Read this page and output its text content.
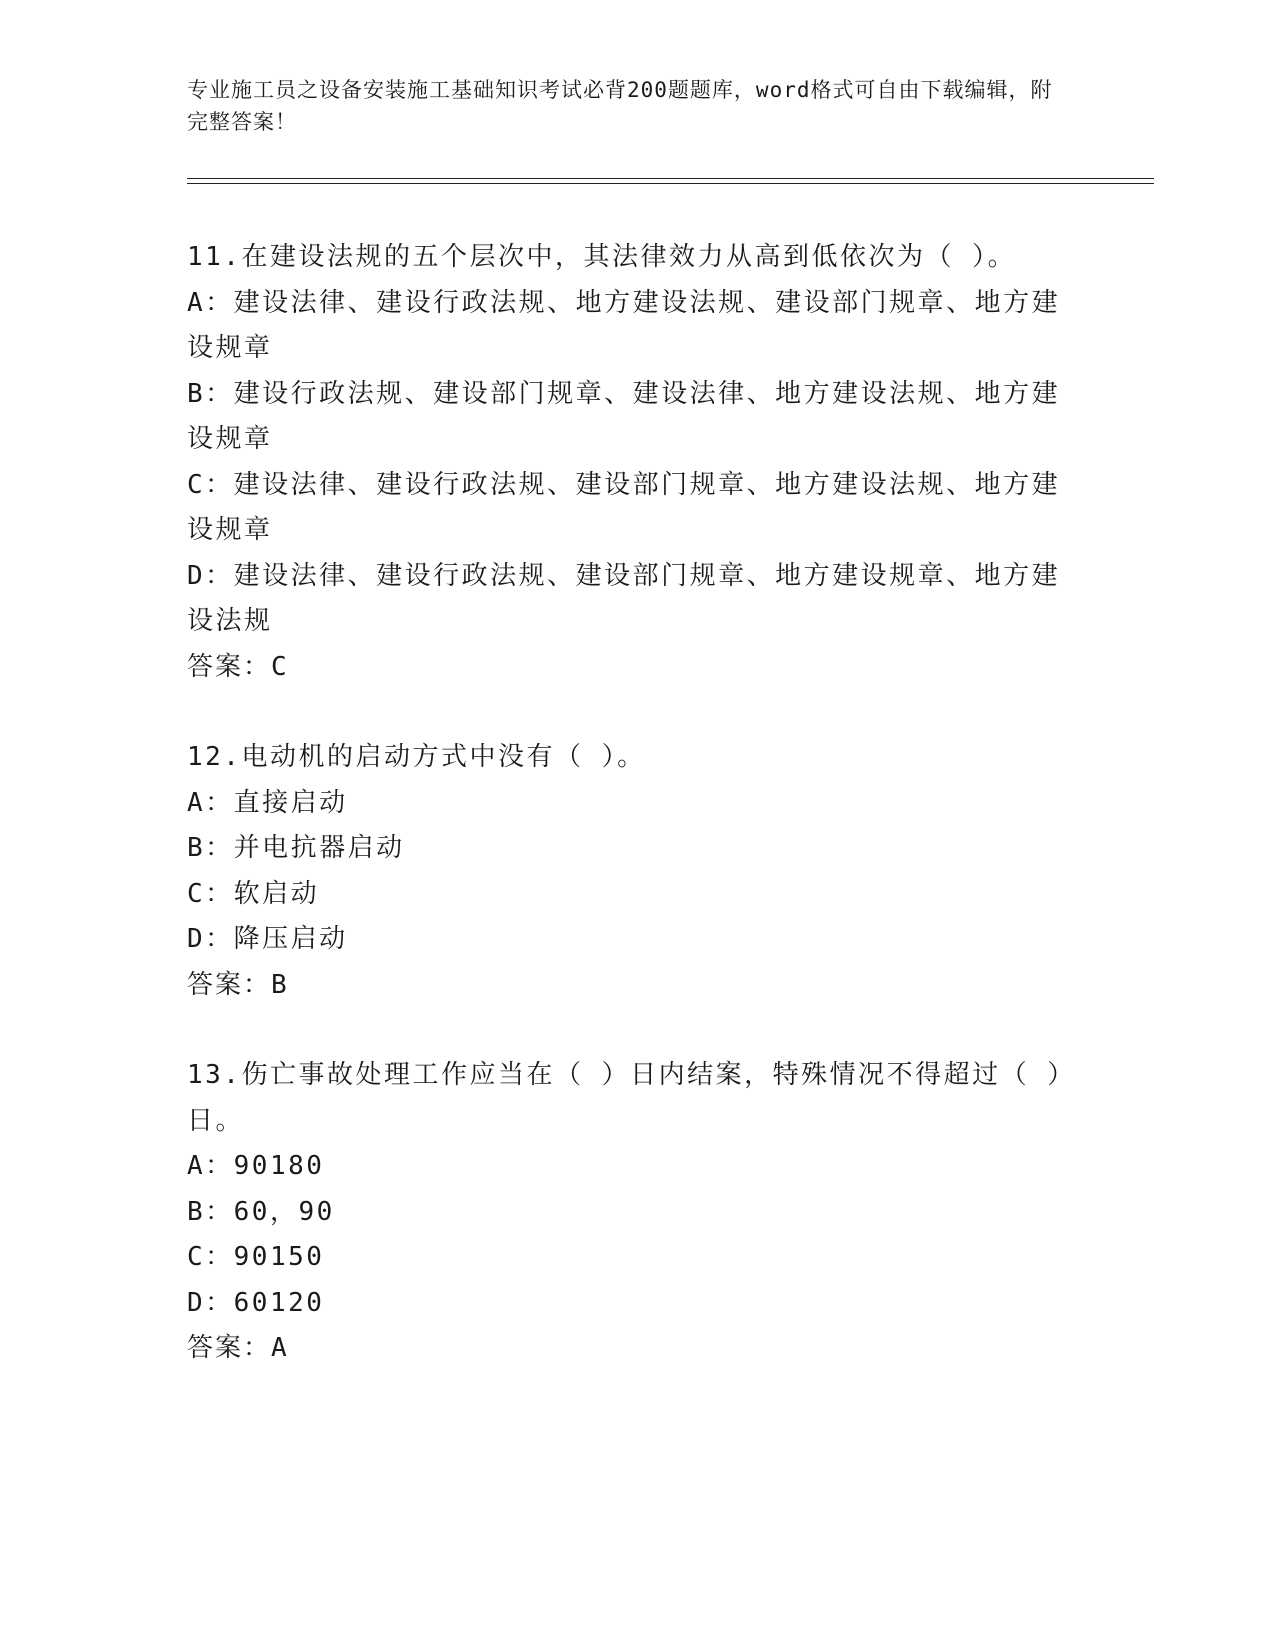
专业施工员之设备安装施工基础知识考试必背200题题库，word格式可自由下载编辑，附完整答案！

11.在建设法规的五个层次中，其法律效力从高到低依次为（ ）。

A：建设法律、建设行政法规、地方建设法规、建设部门规章、地方建设规章

B：建设行政法规、建设部门规章、建设法律、地方建设法规、地方建设规章

C：建设法律、建设行政法规、建设部门规章、地方建设法规、地方建设规章

D：建设法律、建设行政法规、建设部门规章、地方建设规章、地方建设法规

答案：C

12.电动机的启动方式中没有（ ）。

A：直接启动

B：并电抗器启动

C：软启动

D：降压启动

答案：B

13.伤亡事故处理工作应当在（ ）日内结案，特殊情况不得超过（ ）日。

A：90180

B：60，90

C：90150

D：60120

答案：A
